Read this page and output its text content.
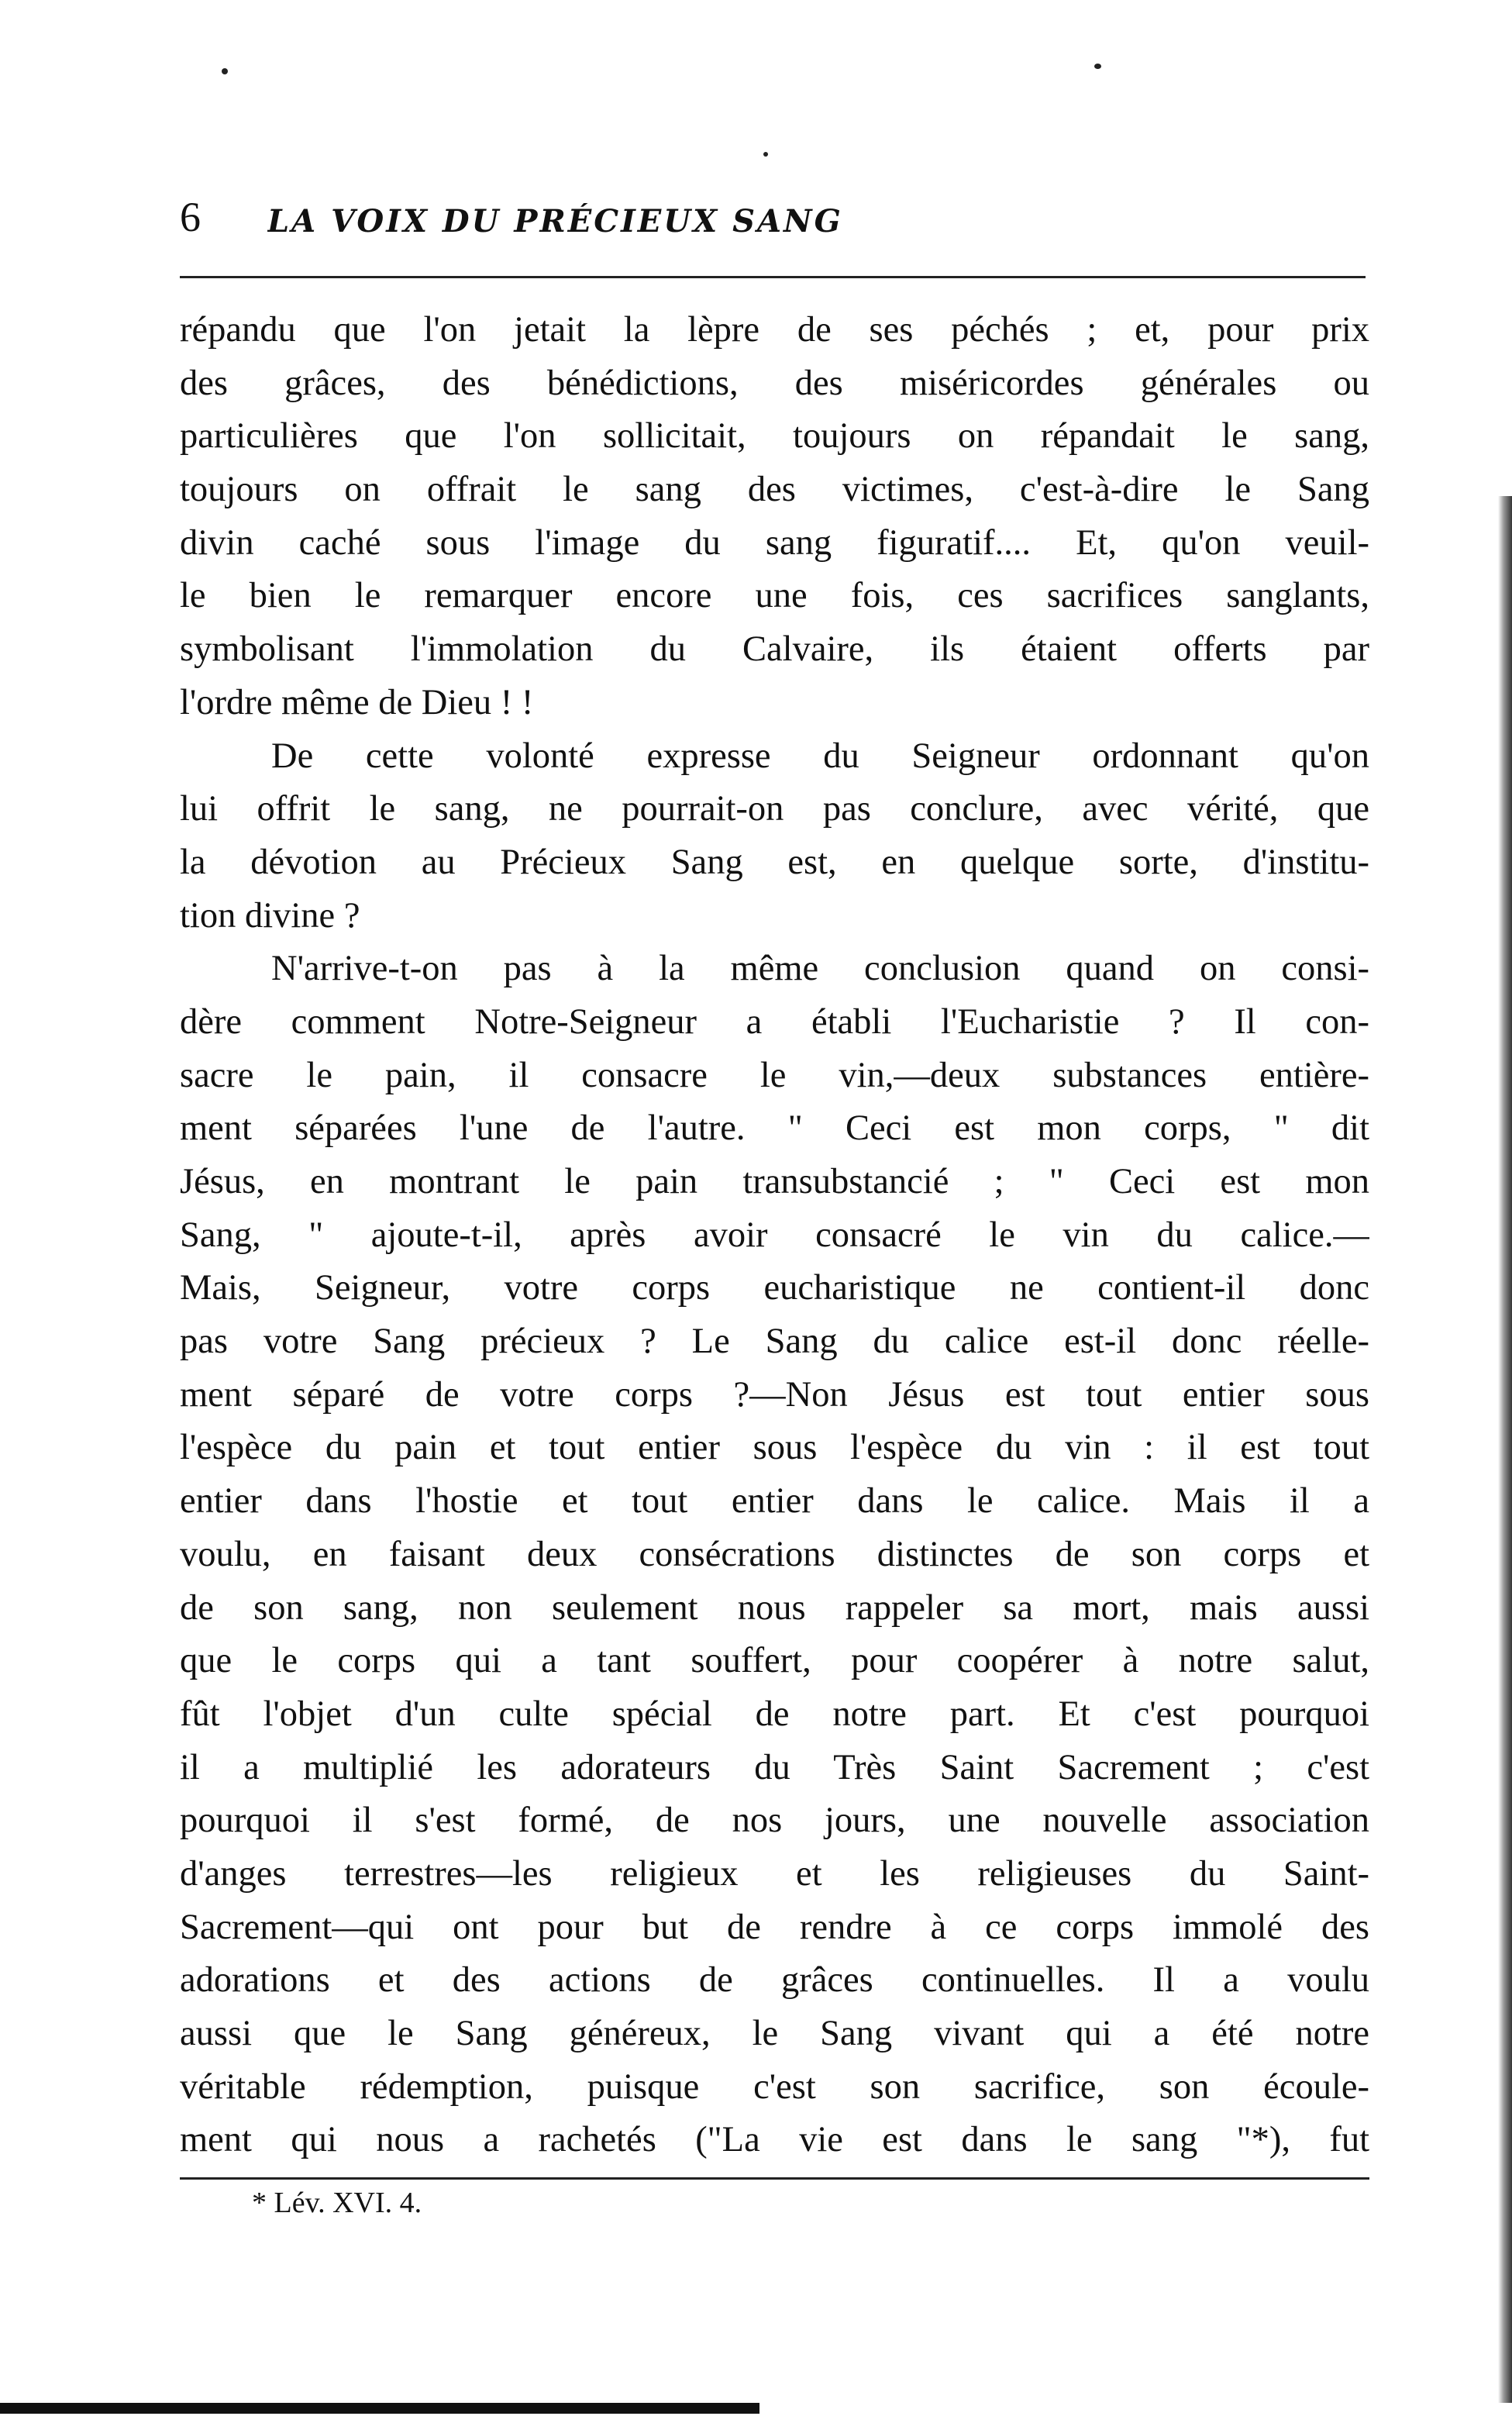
6 LA VOIX DU PRÉCIEUX SANG
répandu que l'on jetait la lèpre de ses péchés ; et, pour prix
des grâces, des bénédictions, des miséricordes générales ou
particulières que l'on sollicitait, toujours on répandait le sang,
toujours on offrait le sang des victimes, c'est-à-dire le Sang
divin caché sous l'image du sang figuratif.... Et, qu'on veuil-
le bien le remarquer encore une fois, ces sacrifices sanglants,
symbolisant l'immolation du Calvaire, ils étaient offerts par
l'ordre même de Dieu ! !
De cette volonté expresse du Seigneur ordonnant qu'on
lui offrit le sang, ne pourrait-on pas conclure, avec vérité, que
la dévotion au Précieux Sang est, en quelque sorte, d'institu-
tion divine ?
N'arrive-t-on pas à la même conclusion quand on consi-
dère comment Notre-Seigneur a établi l'Eucharistie ? Il con-
sacre le pain, il consacre le vin,—deux substances entière-
ment séparées l'une de l'autre. " Ceci est mon corps, " dit
Jésus, en montrant le pain transubstancié ; " Ceci est mon
Sang, " ajoute-t-il, après avoir consacré le vin du calice.—
Mais, Seigneur, votre corps eucharistique ne contient-il donc
pas votre Sang précieux ? Le Sang du calice est-il donc réelle-
ment séparé de votre corps ?—Non Jésus est tout entier sous
l'espèce du pain et tout entier sous l'espèce du vin : il est tout
entier dans l'hostie et tout entier dans le calice. Mais il a
voulu, en faisant deux consécrations distinctes de son corps et
de son sang, non seulement nous rappeler sa mort, mais aussi
que le corps qui a tant souffert, pour coopérer à notre salut,
fût l'objet d'un culte spécial de notre part. Et c'est pourquoi
il a multiplié les adorateurs du Très Saint Sacrement ; c'est
pourquoi il s'est formé, de nos jours, une nouvelle association
d'anges terrestres—les religieux et les religieuses du Saint-
Sacrement—qui ont pour but de rendre à ce corps immolé des
adorations et des actions de grâces continuelles. Il a voulu
aussi que le Sang généreux, le Sang vivant qui a été notre
véritable rédemption, puisque c'est son sacrifice, son écoule-
ment qui nous a rachetés ("La vie est dans le sang "*), fut
* Lév. XVI. 4.
